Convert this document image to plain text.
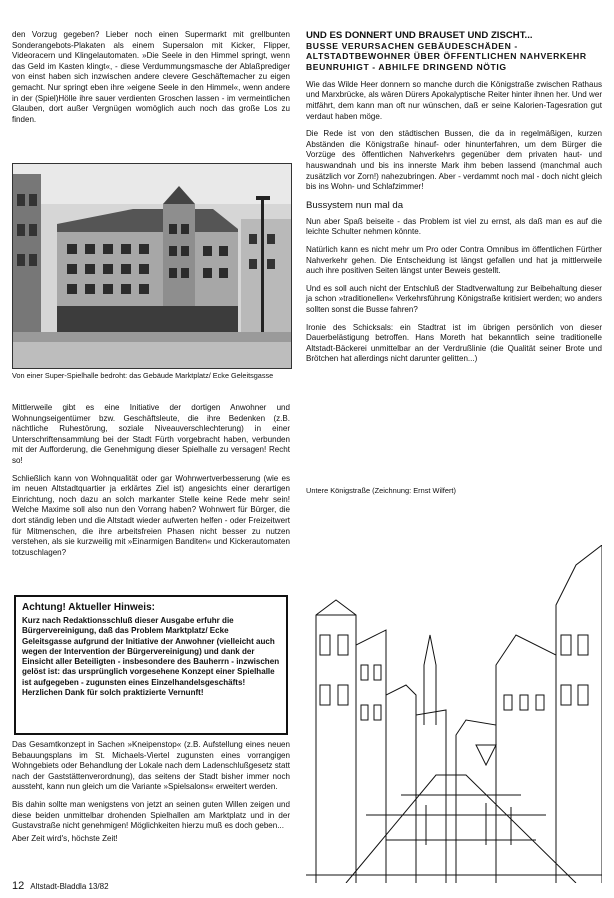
den Vorzug gegeben? Lieber noch einen Supermarkt mit grellbunten Sonderangebots-Plakaten als einem Supersalon mit Kicker, Flipper, Videoracern und Klingelautomaten. »Die Seele in den Himmel springt, wenn das Geld im Kasten klingt«, - diese Verdummungsmasche der Ablaßprediger von einst haben sich inzwischen andere clevere Geschäftemacher zu eigen gemacht. Nur springt eben ihre »eigene Seele in den Himmel«, wenn andere in der (Spiel)Hölle ihre sauer verdienten Groschen lassen - im vermeintlichen Glauben, dort außer Vergnügen womöglich auch noch das große Los zu finden.

Von einer Super-Spielhalle bedroht: das Gebäude Marktplatz/ Ecke Geleitsgasse

Mittlerweile gibt es eine Initiative der dortigen Anwohner und Wohnungseigentümer bzw. Geschäftsleute, die ihre Bedenken (z.B. nächtliche Ruhestörung, soziale Niveauverschlechterung) in einer Unterschriftensammlung bei der Stadt Fürth vorgebracht haben, verbunden mit der Aufforderung, die Genehmigung dieser Spielhalle zu versagen! Recht so!

Schließlich kann von Wohnqualität oder gar Wohnwertverbesserung (wie es im neuen Altstadtquartier ja erklärtes Ziel ist) angesichts einer derartigen Einrichtung, noch dazu an solch markanter Stelle keine Rede mehr sein! Welche Maxime soll also nun den Vorrang haben? Wohnwert für Bürger, die dort ständig leben und die Altstadt wieder aufwerten helfen - oder Freizeitwert für Mitmenschen, die ihre arbeitsfreien Phasen nicht besser zu nutzen verstehen, als sie kurzweilig mit »Einarmigen Banditen« und Kickerautomaten totzuschlagen?

Achtung! Aktueller Hinweis:

Kurz nach Redaktionsschluß dieser Ausgabe erfuhr die Bürgervereinigung, daß das Problem Marktplatz/ Ecke Geleitsgasse aufgrund der Initiative der Anwohner (vielleicht auch wegen der Intervention der Bürgervereinigung) und dank der Einsicht aller Beteiligten - insbesondere des Bauherrn - inzwischen gelöst ist: das ursprünglich vorgesehene Konzept einer Spielhalle ist aufgegeben - zugunsten eines Einzelhandelsgeschäfts! Herzlichen Dank für solch praktizierte Vernunft!

Das Gesamtkonzept in Sachen »Kneipenstop« (z.B. Aufstellung eines neuen Bebauungsplans im St. Michaels-Viertel zugunsten eines vorrangigen Wohngebiets oder Behandlung der Lokale nach dem Ladenschlußgesetz statt nach der Gaststättenverordnung), das seitens der Stadt bisher immer noch aussteht, kann nun gleich um die Variante »Spielsalons« erweitert werden.

Bis dahin sollte man wenigstens von jetzt an seinen guten Willen zeigen und diese beiden unmittelbar drohenden Spielhallen am Marktplatz und in der Gustavstraße nicht genehmigen! Möglichkeiten hierzu muß es doch geben...

Aber Zeit wird's, höchste Zeit!

UND ES DONNERT UND BRAUSET UND ZISCHT...
BUSSE VERURSACHEN GEBÄUDESCHÄDEN - ALTSTADTBEWOHNER ÜBER ÖFFENTLICHEN NAHVERKEHR BEUNRUHIGT - ABHILFE DRINGEND NÖTIG

Wie das Wilde Heer donnern so manche durch die Königstraße zwischen Rathaus und Marxbrücke, als wären Dürers Apokalyptische Reiter hinter ihnen her. Und wer mitfährt, dem kann man oft nur wünschen, daß er seine Kalorien-Tagesration gut verdaut haben möge.

Die Rede ist von den städtischen Bussen, die da in regelmäßigen, kurzen Abständen die Königstraße hinauf- oder hinunterfahren, um dem Bürger die Vorzüge des öffentlichen Nahverkehrs gegenüber dem privaten haut- und hauswandnah und bis ins innerste Mark ihm beben lassend (manchmal auch zusätzlich vor Zorn!) nahezubringen. Aber - verdammt noch mal - doch nicht gleich bis ins Wohn- und Schlafzimmer!

Bussystem nun mal da

Nun aber Spaß beiseite - das Problem ist viel zu ernst, als daß man es auf die leichte Schulter nehmen könnte.

Natürlich kann es nicht mehr um Pro oder Contra Omnibus im öffentlichen Fürther Nahverkehr gehen. Die Entscheidung ist längst gefallen und hat ja mittlerweile auch ihre positiven Seiten längst unter Beweis gestellt.

Und es soll auch nicht der Entschluß der Stadtverwaltung zur Beibehaltung dieser ja schon »traditionellen« Verkehrsführung Königstraße kritisiert werden; wo anders sollten sonst die Busse fahren?

Ironie des Schicksals: ein Stadtrat ist im übrigen persönlich von dieser Dauerbelästigung betroffen. Hans Moreth hat bekanntlich seine traditionelle Altstadt-Bäckerei unmittelbar an der Verdrußlinie (die Qualität seiner Brote und Brötchen hat allerdings nicht darunter gelitten...)

Untere Königstraße (Zeichnung: Ernst Wilfert)
12 Altstadt-Bladdla 13/82
